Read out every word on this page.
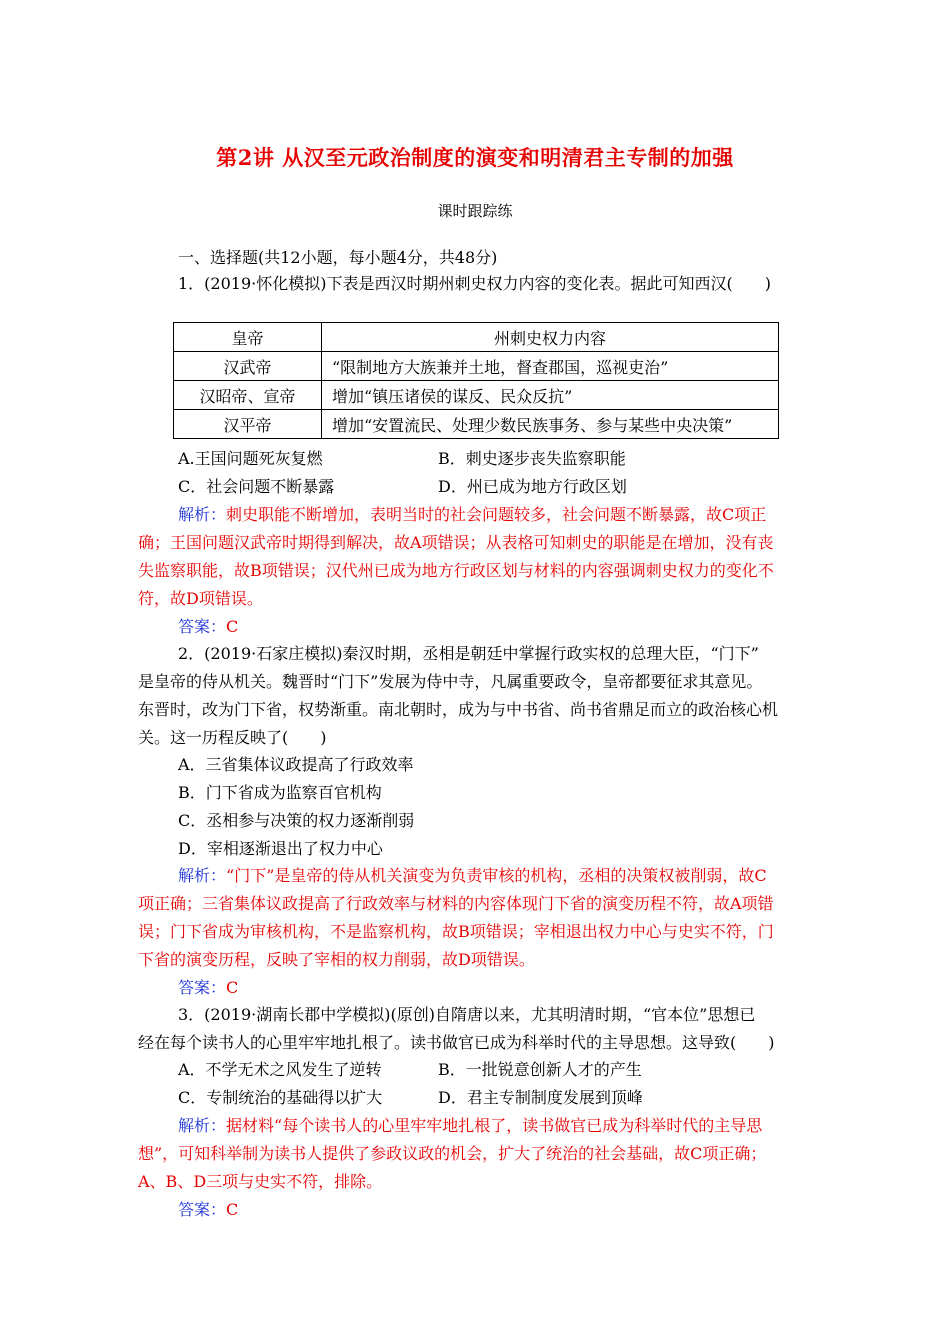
第2讲 从汉至元政治制度的演变和明清君主专制的加强
课时跟踪练
一、选择题(共12小题，每小题4分，共48分)
1．(2019·怀化模拟)下表是西汉时期州刺史权力内容的变化表。据此可知西汉(　　)
皇帝	州刺史权力内容
汉武帝	“限制地方大族兼并土地，督查郡国，巡视吏治”
汉昭帝、宣帝	增加“镇压诸侯的谋反、民众反抗”
汉平帝	增加“安置流民、处理少数民族事务、参与某些中央决策”
A.王国问题死灰复燃	B．刺史逐步丧失监察职能
C．社会问题不断暴露	D．州已成为地方行政区划
解析：刺史职能不断增加，表明当时的社会问题较多，社会问题不断暴露，故C项正
确；王国问题汉武帝时期得到解决，故A项错误；从表格可知刺史的职能是在增加，没有丧
失监察职能，故B项错误；汉代州已成为地方行政区划与材料的内容强调刺史权力的变化不
符，故D项错误。
答案：C
2．(2019·石家庄模拟)秦汉时期，丞相是朝廷中掌握行政实权的总理大臣，“门下”
是皇帝的侍从机关。魏晋时“门下”发展为侍中寺，凡属重要政令，皇帝都要征求其意见。
东晋时，改为门下省，权势渐重。南北朝时，成为与中书省、尚书省鼎足而立的政治核心机
关。这一历程反映了(　　)
A．三省集体议政提高了行政效率
B．门下省成为监察百官机构
C．丞相参与决策的权力逐渐削弱
D．宰相逐渐退出了权力中心
解析：“门下”是皇帝的侍从机关演变为负责审核的机构，丞相的决策权被削弱，故C
项正确；三省集体议政提高了行政效率与材料的内容体现门下省的演变历程不符，故A项错
误；门下省成为审核机构，不是监察机构，故B项错误；宰相退出权力中心与史实不符，门
下省的演变历程，反映了宰相的权力削弱，故D项错误。
答案：C
3．(2019·湖南长郡中学模拟)(原创)自隋唐以来，尤其明清时期，“官本位”思想已
经在每个读书人的心里牢牢地扎根了。读书做官已成为科举时代的主导思想。这导致(　　)
A．不学无术之风发生了逆转	B．一批锐意创新人才的产生
C．专制统治的基础得以扩大	D．君主专制制度发展到顶峰
解析：据材料“每个读书人的心里牢牢地扎根了，读书做官已成为科举时代的主导思
想”，可知科举制为读书人提供了参政议政的机会，扩大了统治的社会基础，故C项正确；
A、B、D三项与史实不符，排除。
答案：C
